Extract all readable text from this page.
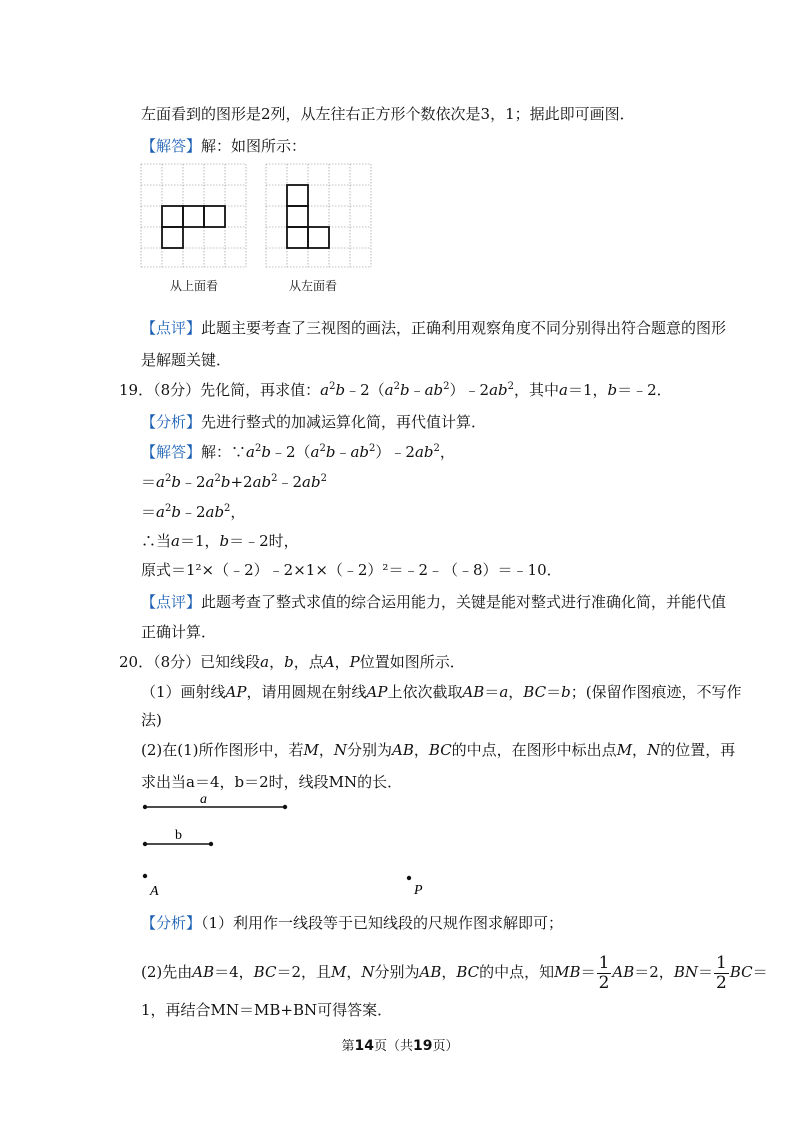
左面看到的图形是2列，从左往右正方形个数依次是3，1；据此即可画图．
【解答】解：如图所示：
从上面看	从左面看
【点评】此题主要考查了三视图的画法，正确利用观察角度不同分别得出符合题意的图形
是解题关键．
19．（8分）先化简，再求值：$a^2b﹣2(a^2b﹣ab^2)﹣2ab^2$，其中a＝1，b＝﹣2．
【分析】先进行整式的加减运算化简，再代值计算．
【解答】解：$\because a^2b﹣2(a^2b﹣ab^2)﹣2ab^2$，
$=a^2b﹣2a^2b+2ab^2﹣2ab^2$
$=a^2b﹣2ab^2$，
∴当a＝1，b＝﹣2时，
原式＝1²×（﹣2）﹣2×1×（﹣2）²＝﹣2﹣（﹣8）＝﹣10．
【点评】此题考查了整式求值的综合运用能力，关键是能对整式进行准确化简，并能代值
正确计算．
20．（8分）已知线段a，b，点A，P位置如图所示．
（1）画射线AP，请用圆规在射线AP上依次截取AB＝a，BC＝b；(保留作图痕迹，不写作
法)
(2)在(1)所作图形中，若M，N分别为AB，BC的中点，在图形中标出点M，N的位置，再
求出当a＝4，b＝2时，线段MN的长．
a
b
A	P
【分析】（1）利用作一线段等于已知线段的尺规作图求解即可；
(2)先由AB＝4，BC＝2，且M，N分别为AB，BC的中点，知$MB= \frac{1}{2} AB=2$，$BN= \frac{1}{2} BC=$
1，再结合MN＝MB+BN可得答案．
第14页（共19页）
